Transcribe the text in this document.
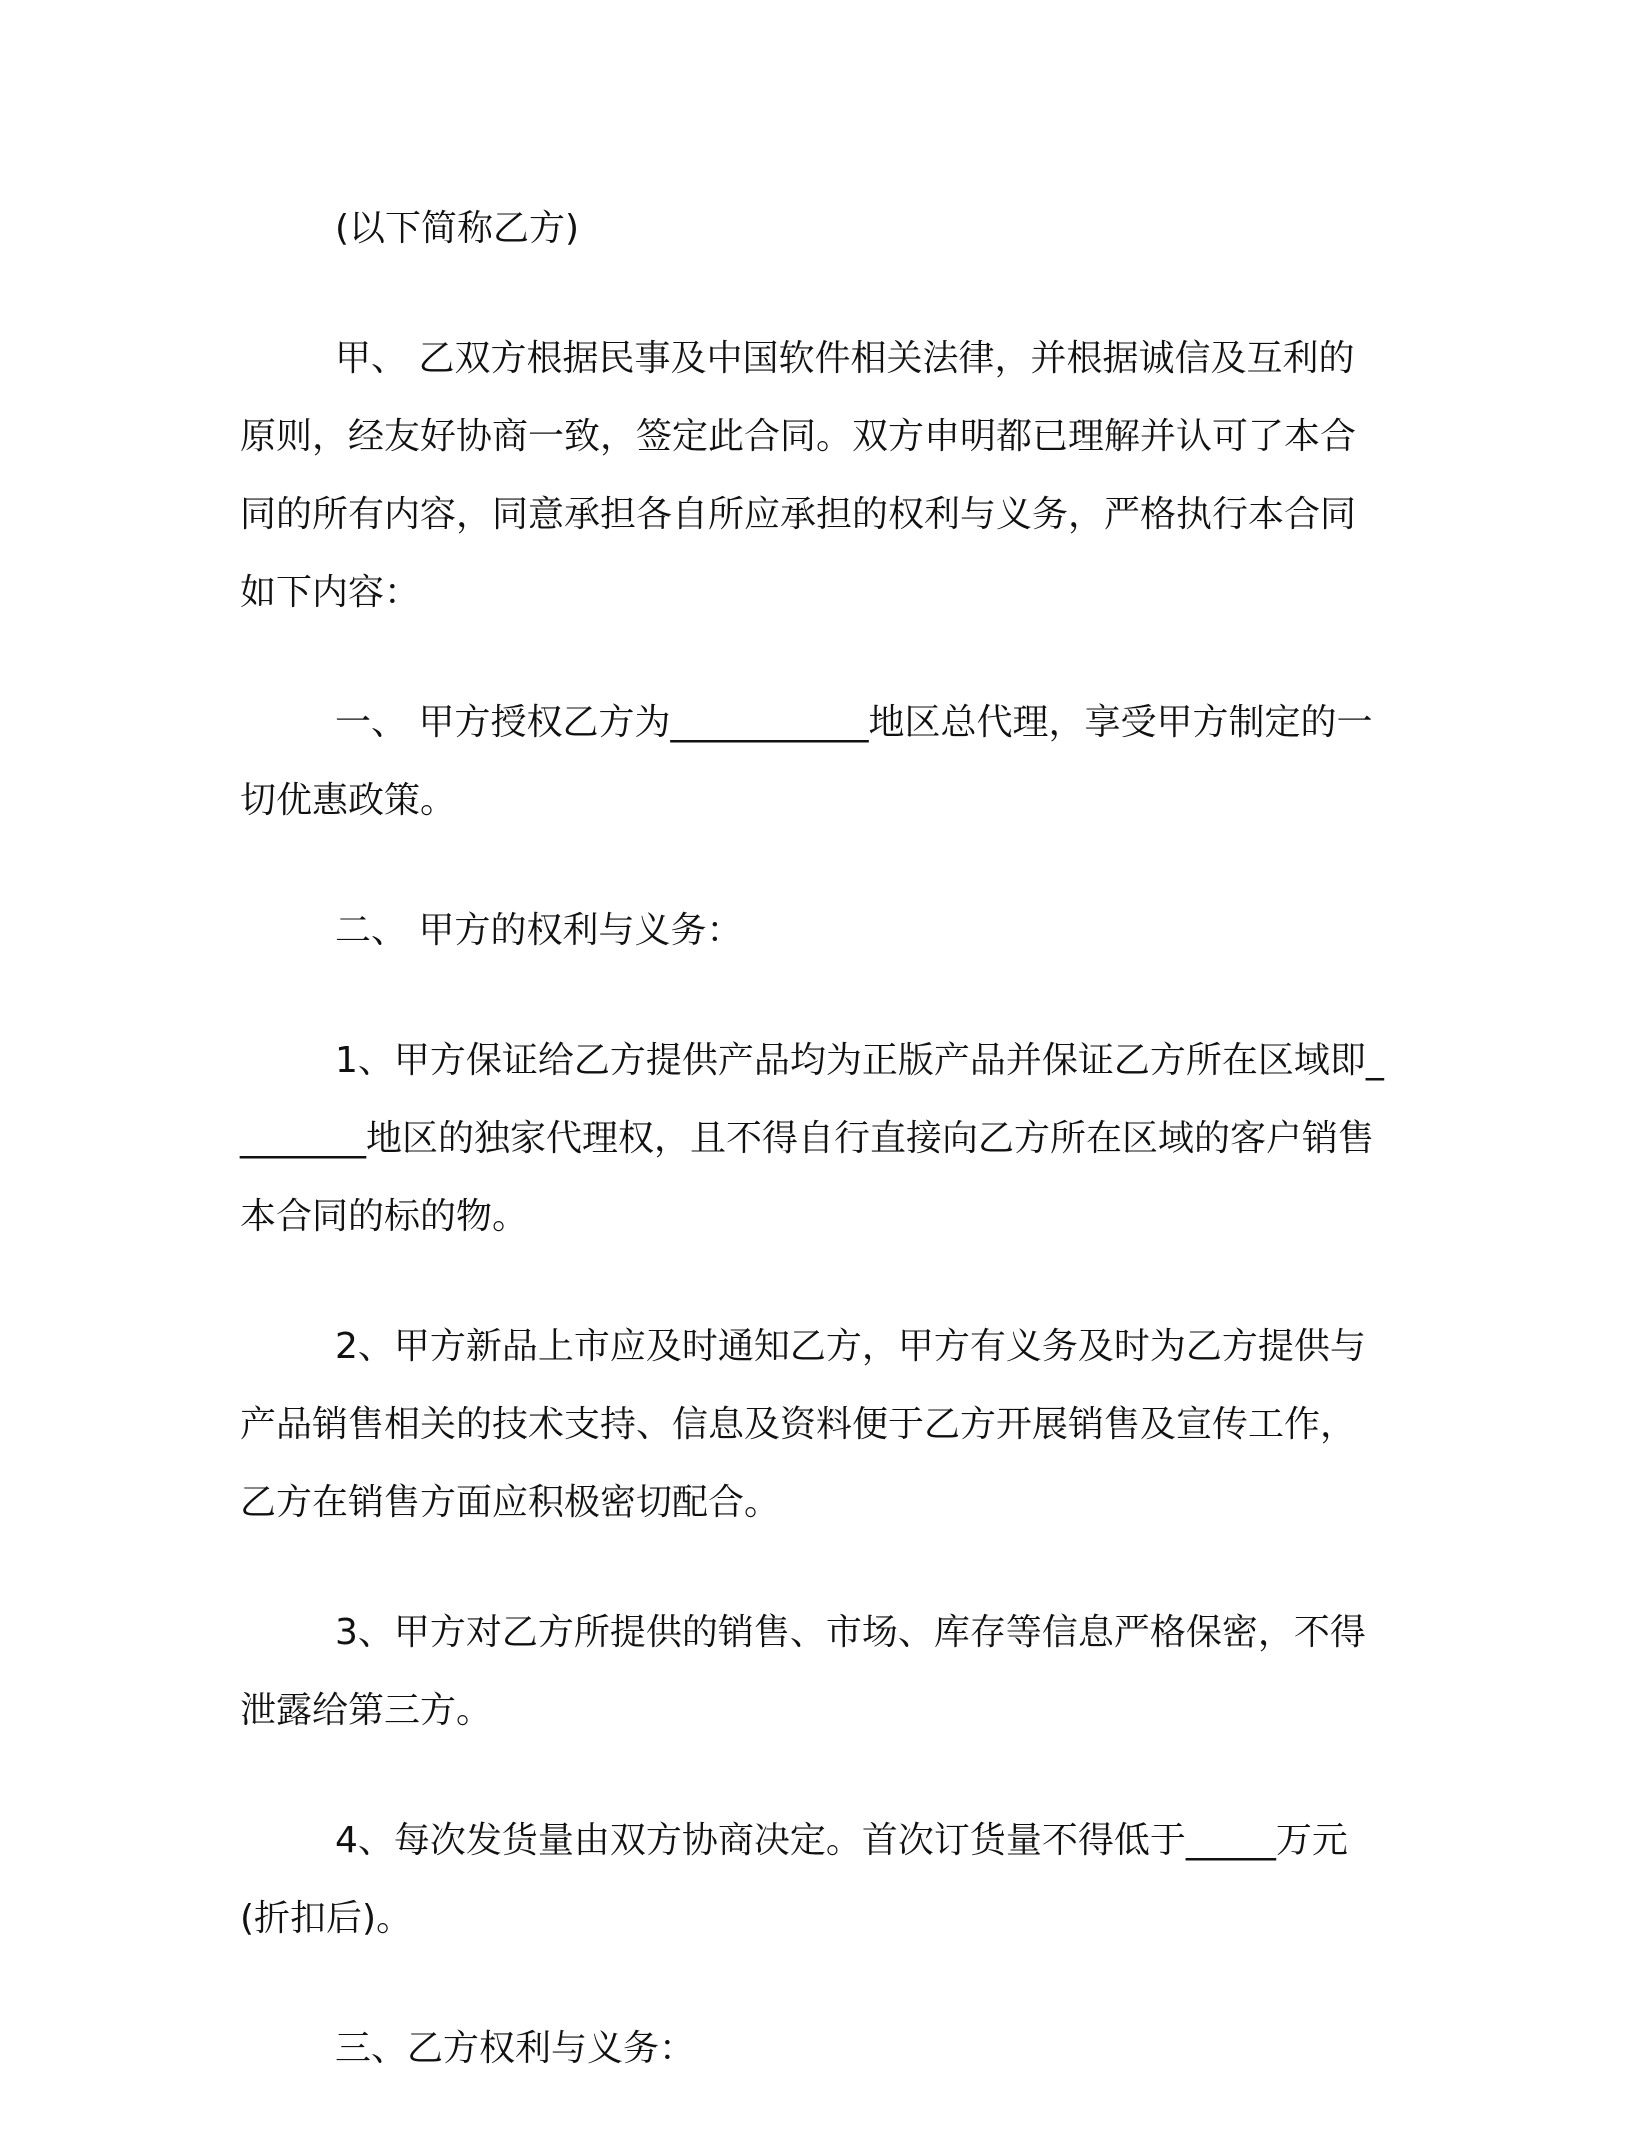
(以下简称乙方)

甲、 乙双方根据民事及中国软件相关法律，并根据诚信及互利的原则，经友好协商一致，签定此合同。双方申明都已理解并认可了本合同的所有内容，同意承担各自所应承担的权利与义务，严格执行本合同如下内容：

一、 甲方授权乙方为___________地区总代理，享受甲方制定的一切优惠政策。

二、 甲方的权利与义务：

1、甲方保证给乙方提供产品均为正版产品并保证乙方所在区域即________地区的独家代理权，且不得自行直接向乙方所在区域的客户销售本合同的标的物。

2、甲方新品上市应及时通知乙方，甲方有义务及时为乙方提供与产品销售相关的技术支持、信息及资料便于乙方开展销售及宣传工作，乙方在销售方面应积极密切配合。

3、甲方对乙方所提供的销售、市场、库存等信息严格保密，不得泄露给第三方。

4、每次发货量由双方协商决定。首次订货量不得低于_____万元(折扣后)。

三、乙方权利与义务：
